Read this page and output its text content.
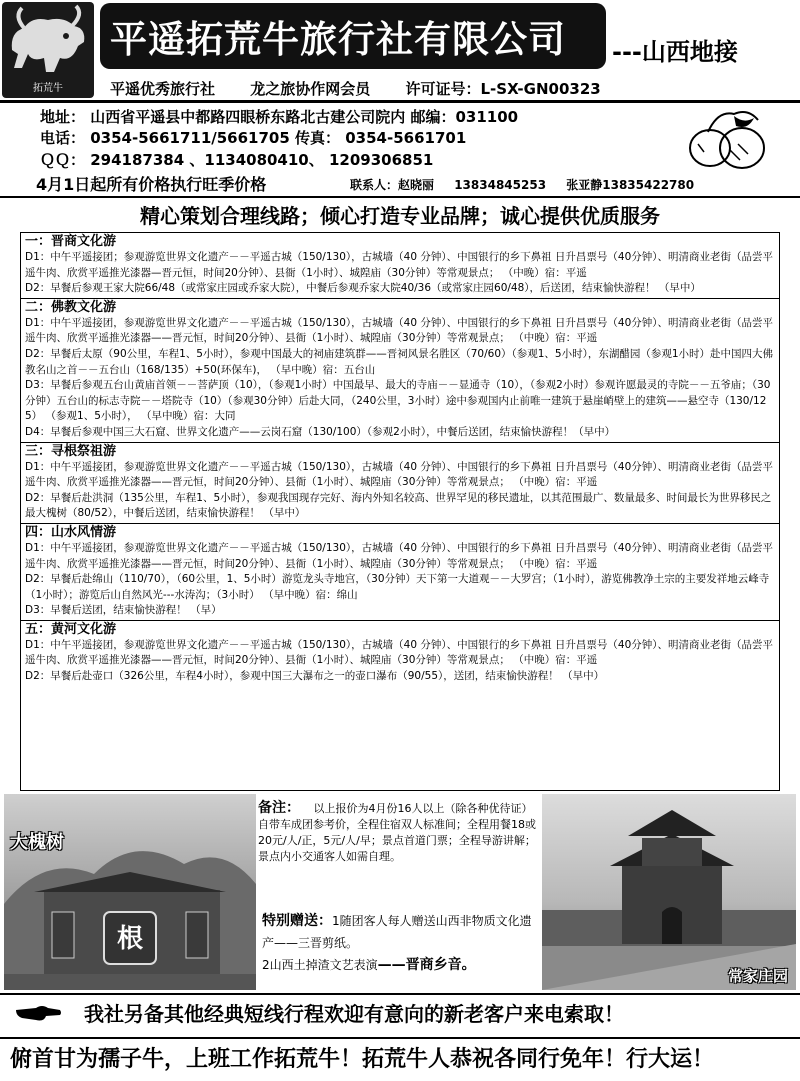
拓荒牛
平遥拓荒牛旅行社有限公司	---山西地接
平遥优秀旅行社 龙之旅协作网会员 许可证号：L-SX-GN00323
地址： 山西省平遥县中都路四眼桥东路北古建公司院内 邮编：031100
电话： 0354-5661711/5661705 传真： 0354-5661701
ＱＱ： 294187384 、1134080410、 1209306851
4月1日起所有价格执行旺季价格	联系人：赵晓丽 13834845253 张亚静13835422780
精心策划合理线路；倾心打造专业品牌；诚心提供优质服务
一：晋商文化游
D1：中午平遥接团；参观游览世界文化遗产－－平遥古城（150/130），古城墙（40 分钟）、中国银行的乡下鼻祖 日升昌票号（40分钟）、明清商业老街（品尝平遥牛肉、欣赏平遥推光漆器—晋元恒，时间20分钟）、县衙（1小时）、城隍庙（30分钟）等常观景点； （中晚）宿：平遥
D2：早餐后参观王家大院66/48（或常家庄园或乔家大院），中餐后参观乔家大院40/36（或常家庄园60/48），后送团，结束愉快游程！ （早中）
二：佛教文化游
D1：中午平遥接团，参观游览世界文化遗产－－平遥古城（150/130），古城墙（40 分钟）、中国银行的乡下鼻祖 日升昌票号（40分钟）、明清商业老街（品尝平遥牛肉、欣赏平遥推光漆器——晋元恒，时间20分钟）、县衙（1小时）、城隍庙（30分钟）等常观景点； （中晚）宿：平遥
D2：早餐后太原（90公里，车程1、5小时），参观中国最大的祠庙建筑群——晋祠风景名胜区（70/60）（参观1、5小时），东湖醋园（参观1小时）赴中国四大佛教名山之首－－五台山（168/135）+50(环保车)， （早中晚）宿：五台山
D3：早餐后参观五台山黄庙首领－－菩萨顶（10），（参观1小时）中国最早、最大的寺庙－－显通寺（10），（参观2小时）参观许愿最灵的寺院－－五爷庙；（30分钟）五台山的标志寺院－－塔院寺（10）（参观30分钟）后赴大同，（240公里，3小时）途中参观国内止前唯一建筑于悬崖峭壁上的建筑——悬空寺（130/125） （参观1、5小时）， （早中晚）宿：大同
D4：早餐后参观中国三大石窟、世界文化遗产——云岗石窟（130/100）（参观2小时），中餐后送团，结束愉快游程！（早中）
三：寻根祭祖游
D1：中午平遥接团，参观游览世界文化遗产－－平遥古城（150/130），古城墙（40 分钟）、中国银行的乡下鼻祖 日升昌票号（40分钟）、明清商业老街（品尝平遥牛肉、欣赏平遥推光漆器——晋元恒，时间20分钟）、县衙（1小时）、城隍庙（30分钟）等常观景点； （中晚）宿：平遥
D2：早餐后赴洪洞（135公里，车程1、5小时），参观我国现存完好、海内外知名较高、世界罕见的移民遗址，以其范围最广、数量最多、时间最长为世界移民之最大槐树（80/52），中餐后送团，结束愉快游程！ （早中）
四：山水风情游
D1：中午平遥接团，参观游览世界文化遗产－－平遥古城（150/130），古城墙（40 分钟）、中国银行的乡下鼻祖 日升昌票号（40分钟）、明清商业老街（品尝平遥牛肉、欣赏平遥推光漆器——晋元恒，时间20分钟）、县衙（1小时）、城隍庙（30分钟）等常观景点； （中晚）宿：平遥
D2：早餐后赴绵山（110/70），（60公里，1、5小时）游览龙头寺地宫，（30分钟）天下第一大道观－－大罗宫；（1小时），游览佛教净土宗的主要发祥地云峰寺（1小时）；游览后山自然风光---水涛沟；（3小时） （早中晚）宿：绵山
D3：早餐后送团，结束愉快游程！ （早）
五：黄河文化游
D1：中午平遥接团，参观游览世界文化遗产－－平遥古城（150/130），古城墙（40 分钟）、中国银行的乡下鼻祖 日升昌票号（40分钟）、明清商业老街（品尝平遥牛肉、欣赏平遥推光漆器——晋元恒，时间20分钟）、县衙（1小时）、城隍庙（30分钟）等常观景点； （中晚）宿：平遥
D2：早餐后赴壶口（326公里，车程4小时），参观中国三大瀑布之一的壶口瀑布（90/55），送团，结束愉快游程！ （早中）
根
大槐树
备注： 以上报价为4月份16人以上（除各种优待证）自带车成团参考价，全程住宿双人标准间；全程用餐18或20元/人/正，5元/人/早；景点首道门票；全程导游讲解；景点内小交通客人如需自理。
特别赠送：1随团客人每人赠送山西非物质文化遗产——三晋剪纸。
2山西土掉渣文艺表演——晋商乡音。
常家庄园
我社另备其他经典短线行程欢迎有意向的新老客户来电索取！
俯首甘为孺子牛，上班工作拓荒牛！拓荒牛人恭祝各同行免年！行大运！
